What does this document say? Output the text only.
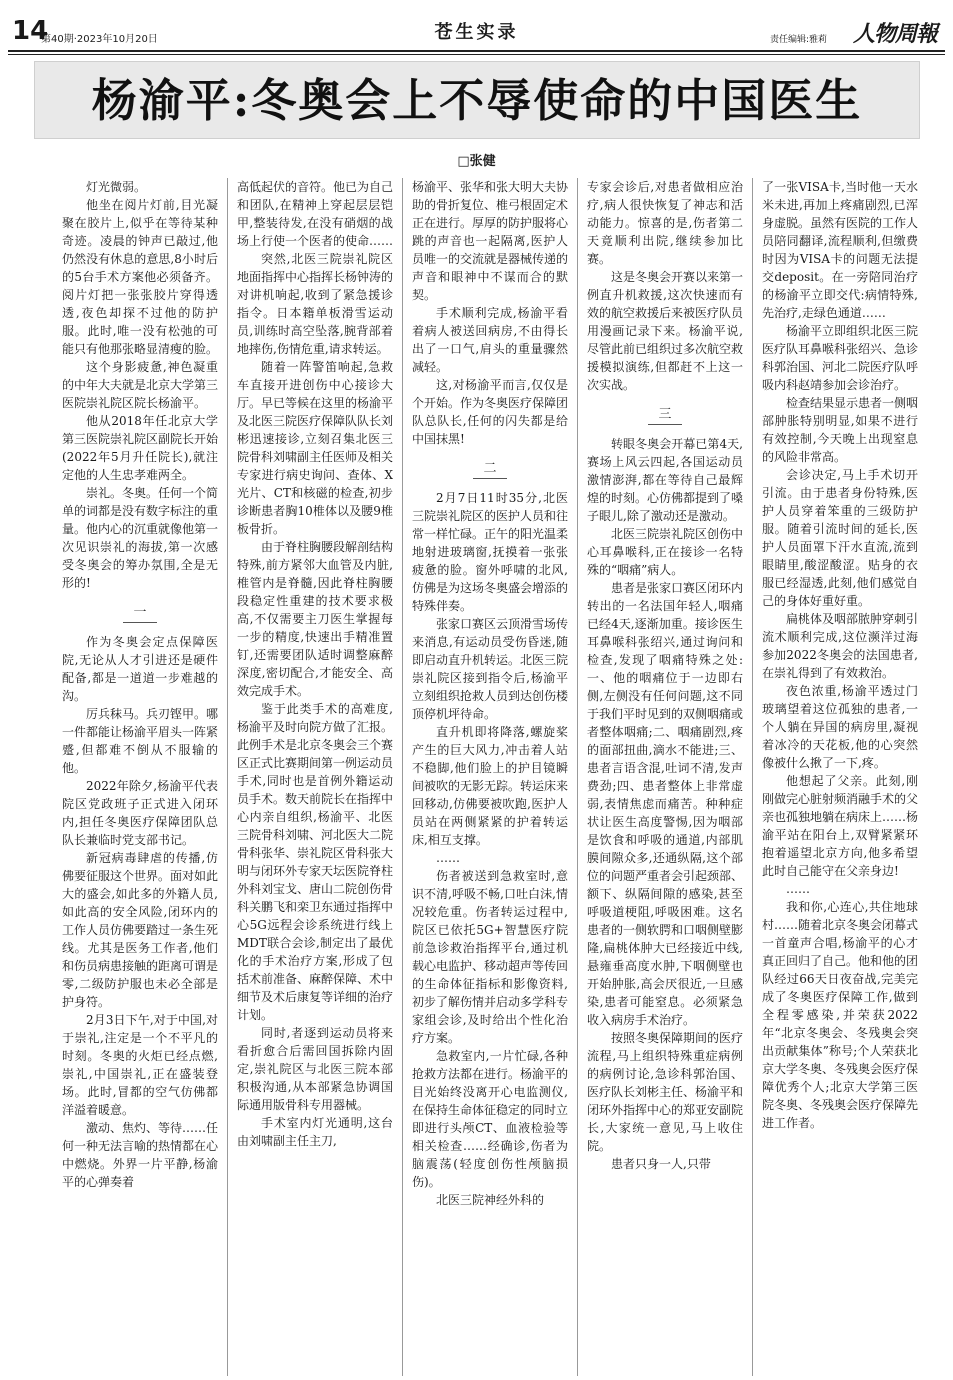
14
第40期·2023年10月20日	苍生实录	责任编辑:雅莉 人物周報
杨渝平:冬奥会上不辱使命的中国医生
□张健

灯光微弱。

他坐在阅片灯前,目光凝聚在胶片上,似乎在等待某种奇迹。凌晨的钟声已敲过,他仍然没有休息的意思,8小时后的5台手术方案他必须备齐。阅片灯把一张张胶片穿得透透,夜色却探不过他的防护服。此时,唯一没有松弛的可能只有他那张略显清瘦的脸。

这个身影疲惫,神色凝重的中年大夫就是北京大学第三医院崇礼院区院长杨渝平。

他从2018年任北京大学第三医院崇礼院区副院长开始(2022年5月升任院长),就注定他的人生忠孝难两全。

崇礼。冬奥。任何一个简单的词都是没有数字标注的重量。他内心的沉重就像他第一次见识崇礼的海拔,第一次感受冬奥会的筹办氛围,全是无形的!

一

作为冬奥会定点保障医院,无论从人才引进还是硬件配备,都是一道道一步难越的沟。

厉兵秣马。兵刃铿甲。哪一件都能让杨渝平眉头一阵紧蹙,但都难不倒从不服输的他。

2022年除夕,杨渝平代表院区党政班子正式进入闭环内,担任冬奥医疗保障团队总队长兼临时党支部书记。

新冠病毒肆虐的传播,仿佛要征服这个世界。面对如此大的盛会,如此多的外籍人员,如此高的安全风险,闭环内的工作人员仿佛要踏过一条生死线。尤其是医务工作者,他们和伤员病患接触的距离可谓是零,二级防护服也未必全部是护身符。

2月3日下午,对于中国,对于崇礼,注定是一个不平凡的时刻。冬奥的火炬已经点燃,崇礼,中国崇礼,正在盛装登场。此时,冒都的空气仿佛都洋溢着暖意。

激动、焦灼、等待……任何一种无法言喻的热情都在心中燃烧。外界一片平静,杨渝平的心弹奏着

高低起伏的音符。他已为自己和团队,在精神上穿起层层铠甲,整装待发,在没有硝烟的战场上行使一个医者的使命……

突然,北医三院崇礼院区地面指挥中心指挥长杨钟涛的对讲机响起,收到了紧急援诊指令。日本籍单板滑雪运动员,训练时高空坠落,腕背部着地摔伤,伤情危重,请求转运。

随着一阵警笛响起,急救车直接开进创伤中心接诊大厅。早已等候在这里的杨渝平及北医三院医疗保障队队长刘彬迅速接诊,立刻召集北医三院骨科刘啸副主任医师及相关专家进行病史询问、查体、X光片、CT和核磁的检查,初步诊断患者胸10椎体以及腰9椎板骨折。

由于脊柱胸腰段解剖结构特殊,前方紧邻大血管及内脏,椎管内是脊髓,因此脊柱胸腰段稳定性重建的技术要求极高,不仅需要主刀医生掌握每一步的精度,快速出手精准置钉,还需要团队适时调整麻醉深度,密切配合,才能安全、高效完成手术。

鉴于此类手术的高难度,杨渝平及时向院方做了汇报。此例手术是北京冬奥会三个赛区正式比赛期间第一例运动员手术,同时也是首例外籍运动员手术。数天前院长在指挥中心内亲自组织,杨渝平、北医三院骨科刘啸、河北医大二院骨科张华、崇礼院区骨科张大明与闭环外专家天坛医院脊柱外科刘宝戈、唐山二院创伤骨科关鹏飞和栾卫东通过指挥中心5G远程会诊系统进行线上MDT联合会诊,制定出了最优化的手术治疗方案,形成了包括术前准备、麻醉保障、术中细节及术后康复等详细的治疗计划。

同时,者逐到运动员将来看折愈合后需回国拆除内固定,崇礼院区与北医三院本部积极沟通,从本部紧急协调国际通用版骨科专用器械。

手术室内灯光通明,这台由刘啸副主任主刀,

杨渝平、张华和张大明大夫协助的骨折复位、椎弓根固定术正在进行。厚厚的防护服将心跳的声音也一起隔离,医护人员唯一的交流就是器械传递的声音和眼神中不谋而合的默契。

手术顺利完成,杨渝平看着病人被送回病房,不由得长出了一口气,肩头的重量骤然减轻。

这,对杨渝平而言,仅仅是个开始。作为冬奥医疗保障团队总队长,任何的闪失都是给中国抹黑!

二

2月7日11时35分,北医三院崇礼院区的医护人员和往常一样忙碌。正午的阳光温柔地射进玻璃窗,抚摸着一张张疲惫的脸。窗外呼啸的北风,仿佛是为这场冬奥盛会增添的特殊伴奏。

张家口赛区云顶滑雪场传来消息,有运动员受伤昏迷,随即启动直升机转运。北医三院崇礼院区接到指令后,杨渝平立刻组织抢救人员到达创伤楼顶停机坪待命。

直升机即将降落,螺旋桨产生的巨大风力,冲击着人站不稳脚,他们脸上的护目镜瞬间被吹的无影无踪。转运床来回移动,仿佛要被吹跑,医护人员站在两侧紧紧的护着转运床,相互支撑。

……

伤者被送到急救室时,意识不清,呼吸不畅,口吐白沫,情况较危重。伤者转运过程中,院区已依托5G+智慧医疗院前急诊救治指挥平台,通过机载心电监护、移动超声等传回的生命体征指标和影像资料,初步了解伤情并启动多学科专家组会诊,及时给出个性化治疗方案。

急救室内,一片忙碌,各种抢救方法都在进行。杨渝平的目光始终没离开心电监测仪,在保持生命体征稳定的同时立即进行头颅CT、血液检验等相关检查……经确诊,伤者为脑震荡(轻度创伤性颅脑损伤)。

北医三院神经外科的

专家会诊后,对患者做相应治疗,病人很快恢复了神志和活动能力。惊喜的是,伤者第二天竟顺利出院,继续参加比赛。

这是冬奥会开赛以来第一例直升机救援,这次快速而有效的航空救援后来被医疗队员用漫画记录下来。杨渝平说,尽管此前已组织过多次航空救援模拟演练,但都赶不上这一次实战。

三

转眼冬奥会开幕已第4天,赛场上风云四起,各国运动员激情澎湃,都在等待自己最辉煌的时刻。心仿佛都提到了嗓子眼儿,除了激动还是激动。

北医三院崇礼院区创伤中心耳鼻喉科,正在接诊一名特殊的“咽痛”病人。

患者是张家口赛区闭环内转出的一名法国年轻人,咽痛已经4天,逐渐加重。接诊医生耳鼻喉科张绍兴,通过询问和检查,发现了咽痛特殊之处:一、他的咽痛位于一边即右侧,左侧没有任何问题,这不同于我们平时见到的双侧咽痛或者整体咽痛;二、咽痛剧烈,疼的面部扭曲,滴水不能进;三、患者言语含混,吐词不清,发声费劲;四、患者整体上非常虚弱,表情焦虑而痛苦。种种症状让医生高度警惕,因为咽部是饮食和呼吸的通道,内部肌膜间隙众多,还通纵隔,这个部位的问题严重者会引起颈部、额下、纵隔间隙的感染,甚至呼吸道梗阻,呼吸困难。这名患者的一侧软腭和口咽侧壁膨隆,扁桃体肿大已经接近中线,悬雍垂高度水肿,下咽侧壁也开始肿胀,高会厌很近,一旦感染,患者可能窒息。必须紧急收入病房手术治疗。

按照冬奥保障期间的医疗流程,马上组织特殊重症病例的病例讨论,急诊科郭治国、医疗队长刘彬主任、杨渝平和闭环外指挥中心的郑亚安副院长,大家统一意见,马上收住院。

患者只身一人,只带

了一张VISA卡,当时他一天水米未进,再加上疼痛剧烈,已浑身虚脱。虽然有医院的工作人员陪同翻译,流程顺利,但缴费时因为VISA卡的问题无法提交deposit。在一旁陪同治疗的杨渝平立即交代:病情特殊,先治疗,走绿色通道……

杨渝平立即组织北医三院医疗队耳鼻喉科张绍兴、急诊科郭治国、河北二院医疗队呼吸内科赵靖参加会诊治疗。

检查结果显示患者一侧咽部肿胀特别明显,如果不进行有效控制,今天晚上出现窒息的风险非常高。

会诊决定,马上手术切开引流。由于患者身份特殊,医护人员穿着笨重的三级防护服。随着引流时间的延长,医护人员面罩下汗水直流,流到眼睛里,酸涩酸涩。贴身的衣服已经湿透,此刻,他们感觉自己的身体好重好重。

扁桃体及咽部脓肿穿刺引流术顺利完成,这位濒洋过海参加2022冬奥会的法国患者,在崇礼得到了有效救治。

夜色浓重,杨渝平透过门玻璃望着这位孤独的患者,一个人躺在异国的病房里,凝视着冰冷的天花板,他的心突然像被什么揪了一下,疼。

他想起了父亲。此刻,刚刚做完心脏射频消融手术的父亲也孤独地躺在病床上……杨渝平站在阳台上,双臂紧紧环抱着遥望北京方向,他多希望此时自己能守在父亲身边!

……

我和你,心连心,共住地球村……随着北京冬奥会闭幕式一首童声合唱,杨渝平的心才真正回归了自己。他和他的团队经过66天日夜奋战,完美完成了冬奥医疗保障工作,做到全程零感染,并荣获2022年“北京冬奥会、冬残奥会突出贡献集体”称号;个人荣获北京大学冬奥、冬残奥会医疗保障优秀个人;北京大学第三医院冬奥、冬残奥会医疗保障先进工作者。
